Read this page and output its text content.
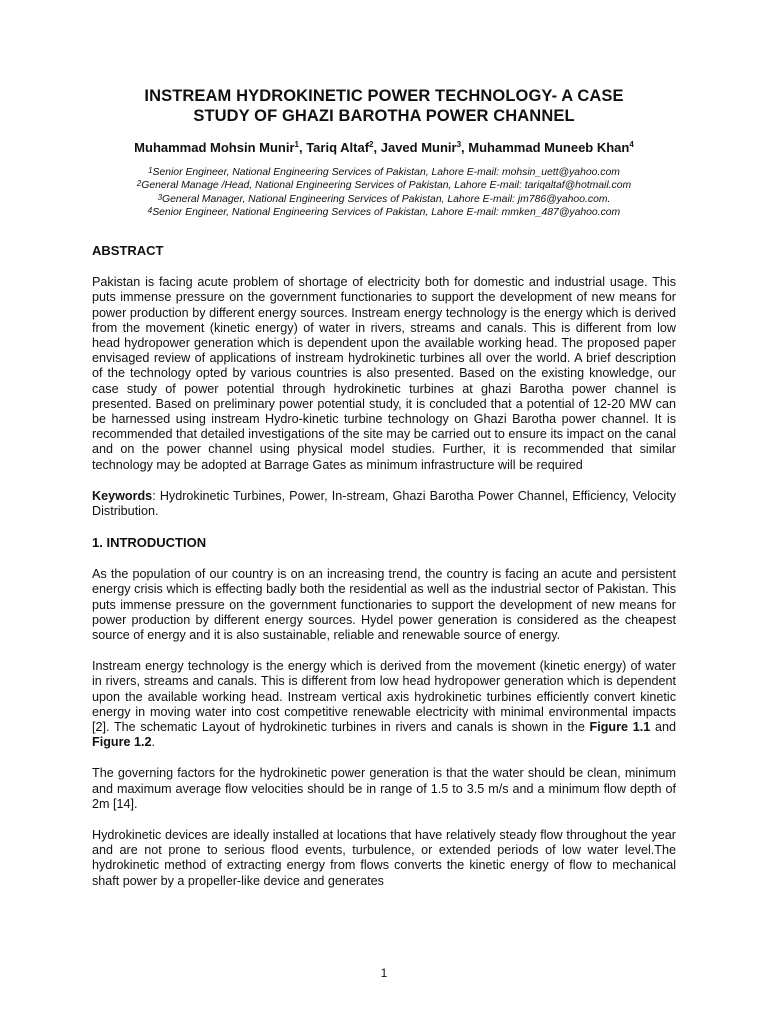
INSTREAM HYDROKINETIC POWER TECHNOLOGY- A CASE
STUDY OF GHAZI BAROTHA POWER CHANNEL
Muhammad Mohsin Munir$^1$, Tariq Altaf$^2$, Javed Munir$^3$, Muhammad Muneeb Khan$^4$
$^1$Senior Engineer, National Engineering Services of Pakistan, Lahore E-mail: mohsin_uett@yahoo.com
$^2$General Manage /Head, National Engineering Services of Pakistan, Lahore E-mail: tariqaltaf@hotmail.com
$^3$General Manager, National Engineering Services of Pakistan, Lahore E-mail: jm786@yahoo.com.
$^4$Senior Engineer, National Engineering Services of Pakistan, Lahore E-mail: mmken_487@yahoo.com
ABSTRACT

Pakistan is facing acute problem of shortage of electricity both for domestic and industrial usage. This puts immense pressure on the government functionaries to support the development of new means for power production by different energy sources. Instream energy technology is the energy which is derived from the movement (kinetic energy) of water in rivers, streams and canals. This is different from low head hydropower generation which is dependent upon the available working head. The proposed paper envisaged review of applications of instream hydrokinetic turbines all over the world. A brief description of the technology opted by various countries is also presented. Based on the existing knowledge, our case study of power potential through hydrokinetic turbines at ghazi Barotha power channel is presented. Based on preliminary power potential study, it is concluded that a potential of 12-20 MW can be harnessed using instream Hydro-kinetic turbine technology on Ghazi Barotha power channel. It is recommended that detailed investigations of the site may be carried out to ensure its impact on the canal and on the power channel using physical model studies. Further, it is recommended that similar technology may be adopted at Barrage Gates as minimum infrastructure will be required

Keywords: Hydrokinetic Turbines, Power, In-stream, Ghazi Barotha Power Channel, Efficiency, Velocity Distribution.

1. INTRODUCTION

As the population of our country is on an increasing trend, the country is facing an acute and persistent energy crisis which is effecting badly both the residential as well as the industrial sector of Pakistan. This puts immense pressure on the government functionaries to support the development of new means for power production by different energy sources. Hydel power generation is considered as the cheapest source of energy and it is also sustainable, reliable and renewable source of energy.

Instream energy technology is the energy which is derived from the movement (kinetic energy) of water in rivers, streams and canals. This is different from low head hydropower generation which is dependent upon the available working head. Instream vertical axis hydrokinetic turbines efficiently convert kinetic energy in moving water into cost competitive renewable electricity with minimal environmental impacts [2]. The schematic Layout of hydrokinetic turbines in rivers and canals is shown in the Figure 1.1 and Figure 1.2.

The governing factors for the hydrokinetic power generation is that the water should be clean, minimum and maximum average flow velocities should be in range of 1.5 to 3.5 m/s and a minimum flow depth of 2m [14].

Hydrokinetic devices are ideally installed at locations that have relatively steady flow throughout the year and are not prone to serious flood events, turbulence, or extended periods of low water level.The hydrokinetic method of extracting energy from flows converts the kinetic energy of flow to mechanical shaft power by a propeller-like device and generates

1
